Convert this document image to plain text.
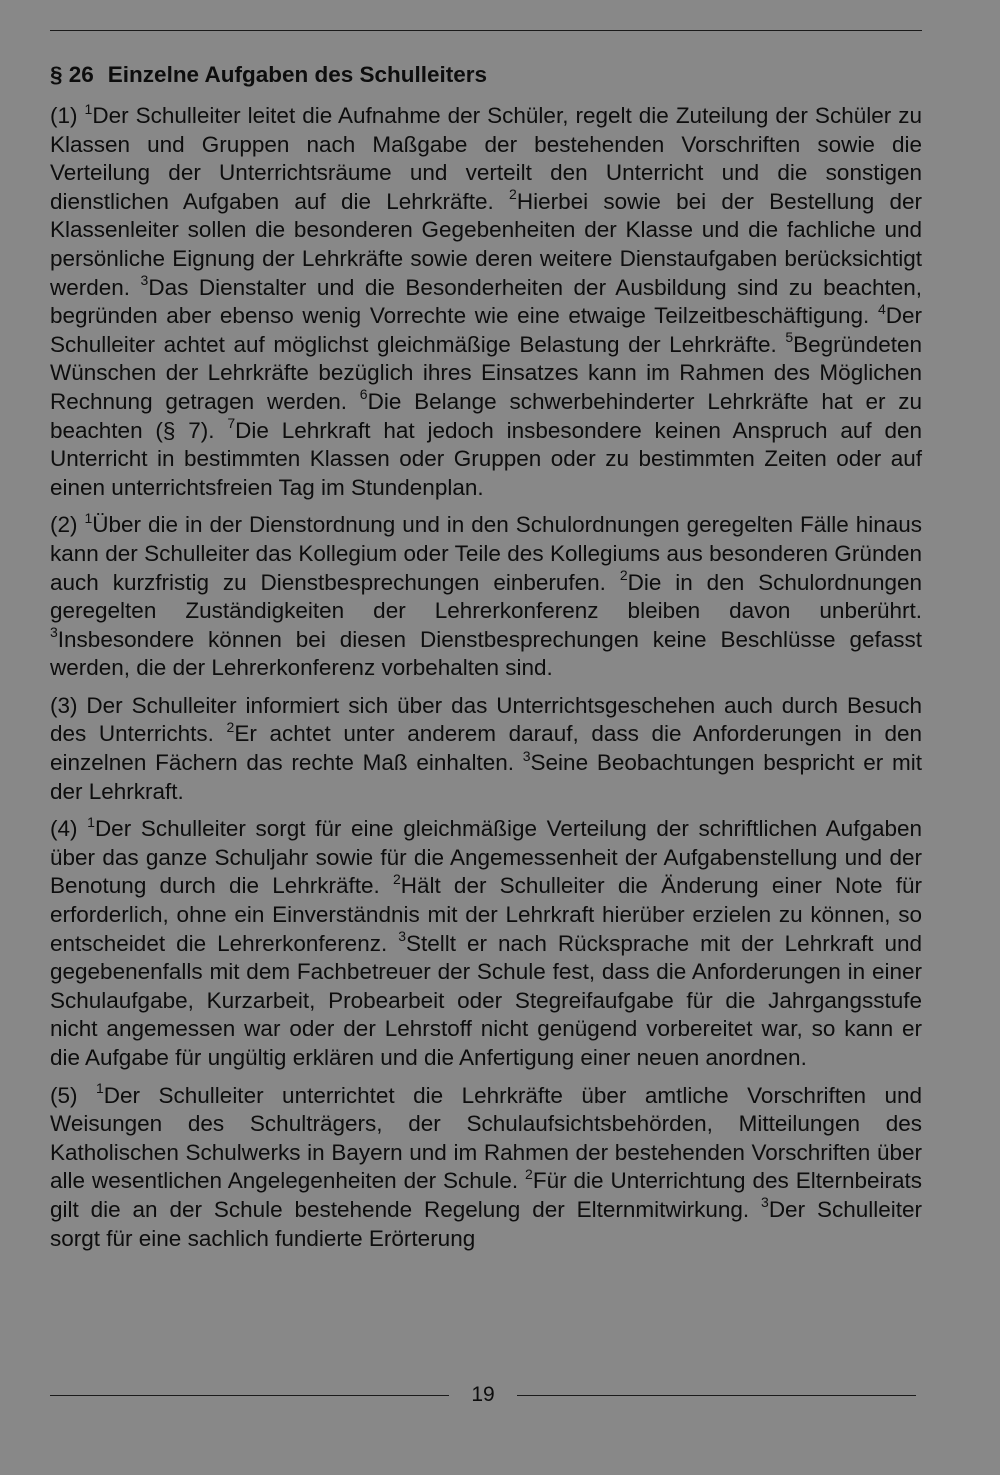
§ 26 Einzelne Aufgaben des Schulleiters

(1) $^1$Der Schulleiter leitet die Aufnahme der Schüler, regelt die Zuteilung der Schüler zu Klassen und Gruppen nach Maßgabe der bestehenden Vorschriften sowie die Verteilung der Unterrichtsräume und verteilt den Unterricht und die sonstigen dienstlichen Aufgaben auf die Lehrkräfte. $^2$Hierbei sowie bei der Bestellung der Klassenleiter sollen die besonderen Gegebenheiten der Klasse und die fachliche und persönliche Eignung der Lehrkräfte sowie deren weitere Dienstaufgaben berücksichtigt werden. $^3$Das Dienstalter und die Besonderheiten der Ausbildung sind zu beachten, begründen aber ebenso wenig Vorrechte wie eine etwaige Teilzeitbeschäftigung. $^4$Der Schulleiter achtet auf möglichst gleichmäßige Belastung der Lehrkräfte. $^5$Begründeten Wünschen der Lehrkräfte bezüglich ihres Einsatzes kann im Rahmen des Möglichen Rechnung getragen werden. $^6$Die Belange schwerbehinderter Lehrkräfte hat er zu beachten (§ 7). $^7$Die Lehrkraft hat jedoch insbesondere keinen Anspruch auf den Unterricht in bestimmten Klassen oder Gruppen oder zu bestimmten Zeiten oder auf einen unterrichtsfreien Tag im Stundenplan.

(2) $^1$Über die in der Dienstordnung und in den Schulordnungen geregelten Fälle hinaus kann der Schulleiter das Kollegium oder Teile des Kollegiums aus besonderen Gründen auch kurzfristig zu Dienstbesprechungen einberufen. $^2$Die in den Schulordnungen geregelten Zuständigkeiten der Lehrerkonferenz bleiben davon unberührt. $^3$Insbesondere können bei diesen Dienstbesprechungen keine Beschlüsse gefasst werden, die der Lehrerkonferenz vorbehalten sind.

(3) Der Schulleiter informiert sich über das Unterrichtsgeschehen auch durch Besuch des Unterrichts. $^2$Er achtet unter anderem darauf, dass die Anforderungen in den einzelnen Fächern das rechte Maß einhalten. $^3$Seine Beobachtungen bespricht er mit der Lehrkraft.

(4) $^1$Der Schulleiter sorgt für eine gleichmäßige Verteilung der schriftlichen Aufgaben über das ganze Schuljahr sowie für die Angemessenheit der Aufgabenstellung und der Benotung durch die Lehrkräfte. $^2$Hält der Schulleiter die Änderung einer Note für erforderlich, ohne ein Einverständnis mit der Lehrkraft hierüber erzielen zu können, so entscheidet die Lehrerkonferenz. $^3$Stellt er nach Rücksprache mit der Lehrkraft und gegebenenfalls mit dem Fachbetreuer der Schule fest, dass die Anforderungen in einer Schulaufgabe, Kurzarbeit, Probearbeit oder Stegreifaufgabe für die Jahrgangsstufe nicht angemessen war oder der Lehrstoff nicht genügend vorbereitet war, so kann er die Aufgabe für ungültig erklären und die Anfertigung einer neuen anordnen.

(5) $^1$Der Schulleiter unterrichtet die Lehrkräfte über amtliche Vorschriften und Weisungen des Schulträgers, der Schulaufsichtsbehörden, Mitteilungen des Katholischen Schulwerks in Bayern und im Rahmen der bestehenden Vorschriften über alle wesentlichen Angelegenheiten der Schule. $^2$Für die Unterrichtung des Elternbeirats gilt die an der Schule bestehende Regelung der Elternmitwirkung. $^3$Der Schulleiter sorgt für eine sachlich fundierte Erörterung

19
